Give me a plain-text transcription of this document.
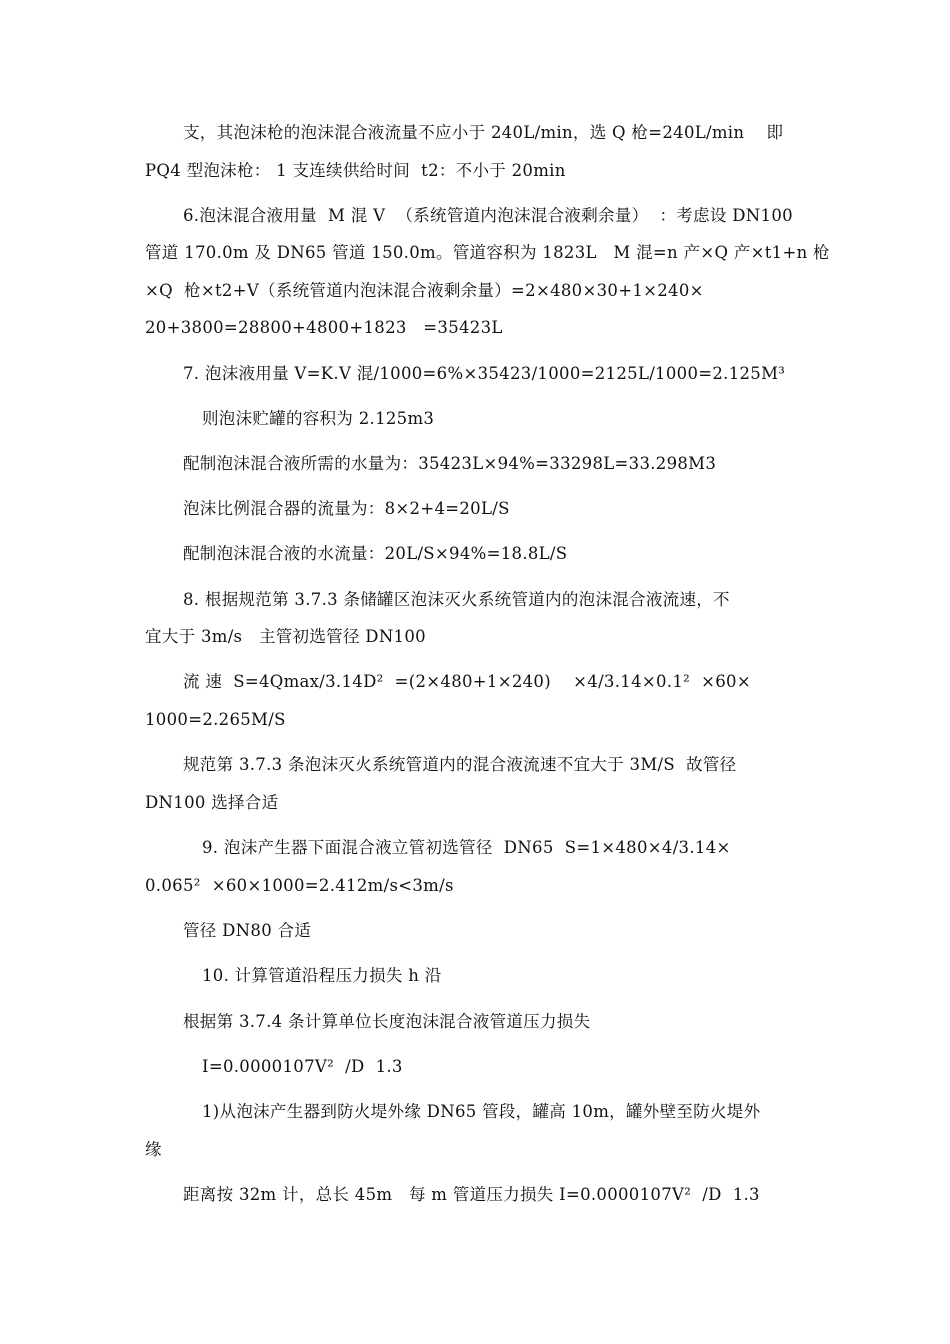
支，其泡沫枪的泡沫混合液流量不应小于 240L/min，选 Q 枪=240L/min    即
PQ4 型泡沫枪： 1 支连续供给时间  t2：不小于 20min
6.泡沫混合液用量  M 混 V  （系统管道内泡沫混合液剩余量）  ：考虑设 DN100
管道 170.0m 及 DN65 管道 150.0m。管道容积为 1823L   M 混=n 产×Q 产×t1+n 枪
×Q  枪×t2+V（系统管道内泡沫混合液剩余量）=2×480×30+1×240×
20+3800=28800+4800+1823   =35423L
7. 泡沫液用量 V=K.V 混/1000=6%×35423/1000=2125L/1000=2.125M³
则泡沫贮罐的容积为 2.125m3
配制泡沫混合液所需的水量为：35423L×94%=33298L=33.298M3
泡沫比例混合器的流量为：8×2+4=20L/S
配制泡沫混合液的水流量：20L/S×94%=18.8L/S
8. 根据规范第 3.7.3 条储罐区泡沫灭火系统管道内的泡沫混合液流速，不
宜大于 3m/s   主管初选管径 DN100
流 速  S=4Qmax/3.14D²  =(2×480+1×240)    ×4/3.14×0.1²  ×60×
1000=2.265M/S
规范第 3.7.3 条泡沫灭火系统管道内的混合液流速不宜大于 3M/S  故管径
DN100 选择合适
9. 泡沫产生器下面混合液立管初选管径  DN65  S=1×480×4/3.14×
0.065²  ×60×1000=2.412m/s<3m/s
管径 DN80 合适
10. 计算管道沿程压力损失 h 沿
根据第 3.7.4 条计算单位长度泡沫混合液管道压力损失
I=0.0000107V²  /D  1.3
1)从泡沫产生器到防火堤外缘 DN65 管段，罐高 10m，罐外壁至防火堤外
缘
距离按 32m 计，总长 45m   每 m 管道压力损失 I=0.0000107V²  /D  1.3
